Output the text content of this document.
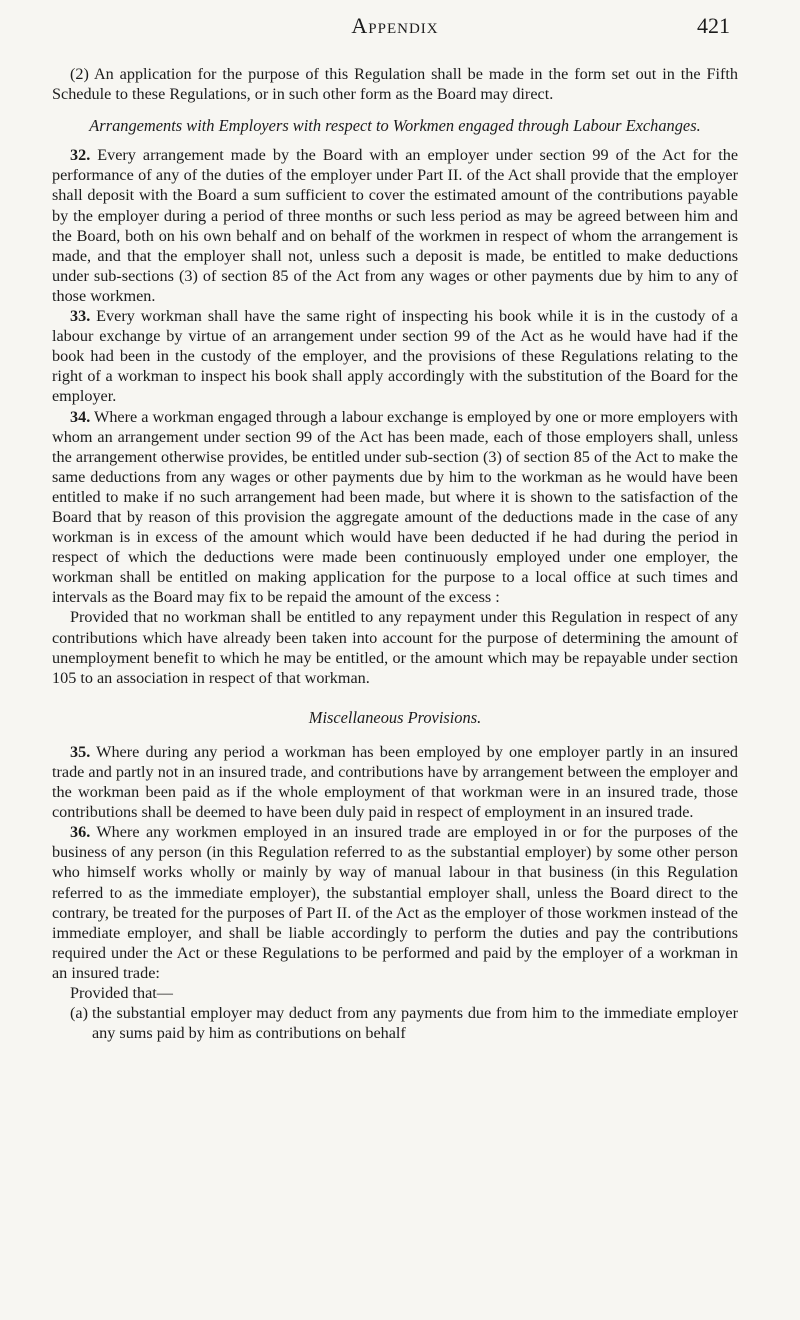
Appendix	421

(2) An application for the purpose of this Regulation shall be made in the form set out in the Fifth Schedule to these Regulations, or in such other form as the Board may direct.

Arrangements with Employers with respect to Workmen engaged through Labour Exchanges.

32. Every arrangement made by the Board with an employer under section 99 of the Act for the performance of any of the duties of the employer under Part II. of the Act shall provide that the employer shall deposit with the Board a sum sufficient to cover the estimated amount of the contributions payable by the employer during a period of three months or such less period as may be agreed between him and the Board, both on his own behalf and on behalf of the workmen in respect of whom the arrangement is made, and that the employer shall not, unless such a deposit is made, be entitled to make deductions under sub-sections (3) of section 85 of the Act from any wages or other payments due by him to any of those workmen.

33. Every workman shall have the same right of inspecting his book while it is in the custody of a labour exchange by virtue of an arrangement under section 99 of the Act as he would have had if the book had been in the custody of the employer, and the provisions of these Regulations relating to the right of a workman to inspect his book shall apply accordingly with the substitution of the Board for the employer.

34. Where a workman engaged through a labour exchange is employed by one or more employers with whom an arrangement under section 99 of the Act has been made, each of those employers shall, unless the arrangement otherwise provides, be entitled under sub-section (3) of section 85 of the Act to make the same deductions from any wages or other payments due by him to the workman as he would have been entitled to make if no such arrangement had been made, but where it is shown to the satisfaction of the Board that by reason of this provision the aggregate amount of the deductions made in the case of any workman is in excess of the amount which would have been deducted if he had during the period in respect of which the deductions were made been continuously employed under one employer, the workman shall be entitled on making application for the purpose to a local office at such times and intervals as the Board may fix to be repaid the amount of the excess :

Provided that no workman shall be entitled to any repayment under this Regulation in respect of any contributions which have already been taken into account for the purpose of determining the amount of unemployment benefit to which he may be entitled, or the amount which may be repayable under section 105 to an association in respect of that workman.

Miscellaneous Provisions.

35. Where during any period a workman has been employed by one employer partly in an insured trade and partly not in an insured trade, and contributions have by arrangement between the employer and the workman been paid as if the whole employment of that workman were in an insured trade, those contributions shall be deemed to have been duly paid in respect of employment in an insured trade.

36. Where any workmen employed in an insured trade are employed in or for the purposes of the business of any person (in this Regulation referred to as the substantial employer) by some other person who himself works wholly or mainly by way of manual labour in that business (in this Regulation referred to as the immediate employer), the substantial employer shall, unless the Board direct to the contrary, be treated for the purposes of Part II. of the Act as the employer of those workmen instead of the immediate employer, and shall be liable accordingly to perform the duties and pay the contributions required under the Act or these Regulations to be performed and paid by the employer of a workman in an insured trade:

Provided that—

(a) the substantial employer may deduct from any payments due from him to the immediate employer any sums paid by him as contributions on behalf
